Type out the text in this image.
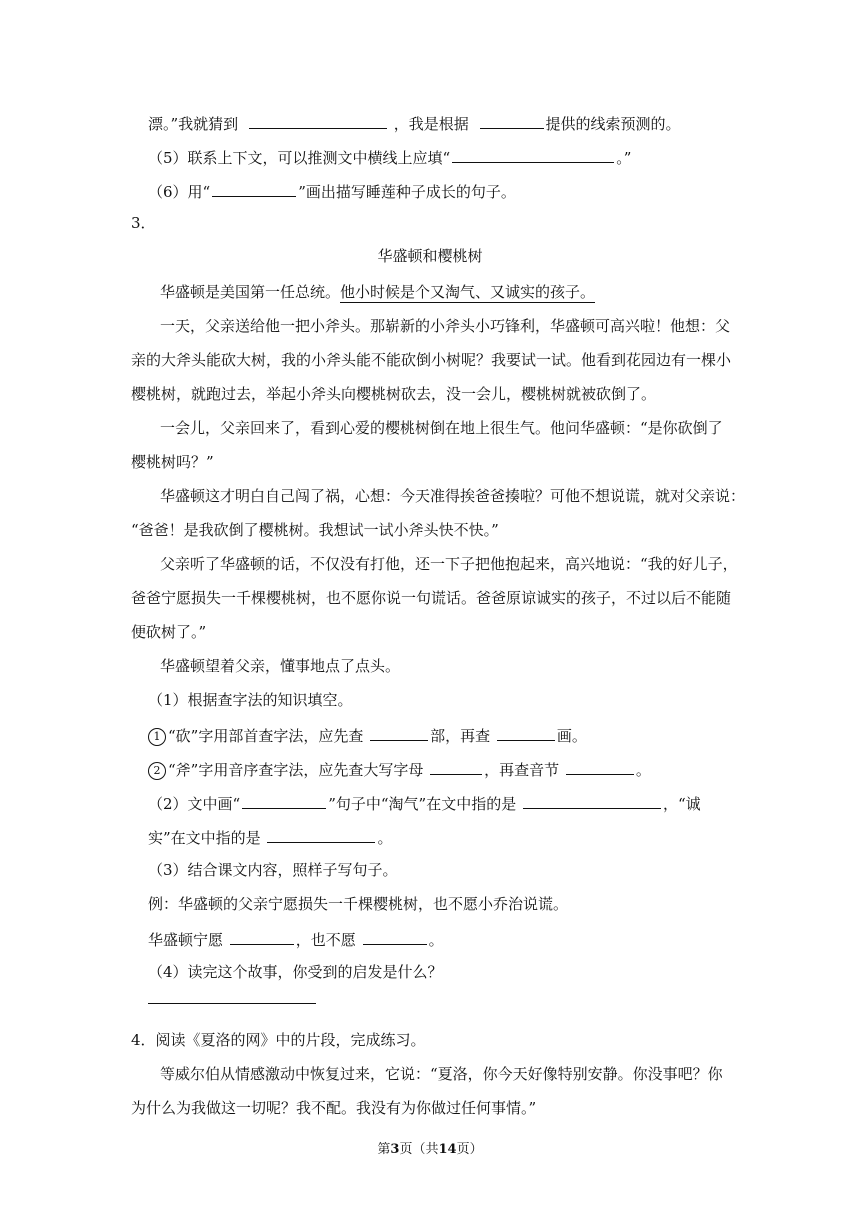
漂。”我就猜到	，我是根据	提供的线索预测的。
（5）联系上下文，可以推测文中横线上应填“	。”
（6）用“	”画出描写睡莲种子成长的句子。
3．
华盛顿和樱桃树
华盛顿是美国第一任总统。他小时候是个又淘气、又诚实的孩子。
一天，父亲送给他一把小斧头。那崭新的小斧头小巧锋利，华盛顿可高兴啦！他想：父
亲的大斧头能砍大树，我的小斧头能不能砍倒小树呢？我要试一试。他看到花园边有一棵小
樱桃树，就跑过去，举起小斧头向樱桃树砍去，没一会儿，樱桃树就被砍倒了。
一会儿，父亲回来了，看到心爱的樱桃树倒在地上很生气。他问华盛顿：“是你砍倒了
樱桃树吗？”
华盛顿这才明白自己闯了祸，心想：今天准得挨爸爸揍啦？可他不想说谎，就对父亲说：
“爸爸！是我砍倒了樱桃树。我想试一试小斧头快不快。”
父亲听了华盛顿的话，不仅没有打他，还一下子把他抱起来，高兴地说：“我的好儿子，
爸爸宁愿损失一千棵樱桃树，也不愿你说一句谎话。爸爸原谅诚实的孩子，不过以后不能随
便砍树了。”
华盛顿望着父亲，懂事地点了点头。
（1）根据查字法的知识填空。
1 “砍”字用部首查字法，应先查	部，再查	画。
2 “斧”字用音序查字法，应先查大写字母	，再查音节	。
（2）文中画“	”句子中“淘气”在文中指的是	，“诚
实”在文中指的是	。
（3）结合课文内容，照样子写句子。
例：华盛顿的父亲宁愿损失一千棵樱桃树，也不愿小乔治说谎。
华盛顿宁愿	，也不愿	。
（4）读完这个故事，你受到的启发是什么？
4．阅读《夏洛的网》中的片段，完成练习。
等威尔伯从情感激动中恢复过来，它说：“夏洛，你今天好像特别安静。你没事吧？你
为什么为我做这一切呢？我不配。我没有为你做过任何事情。”
第3页（共14页）
